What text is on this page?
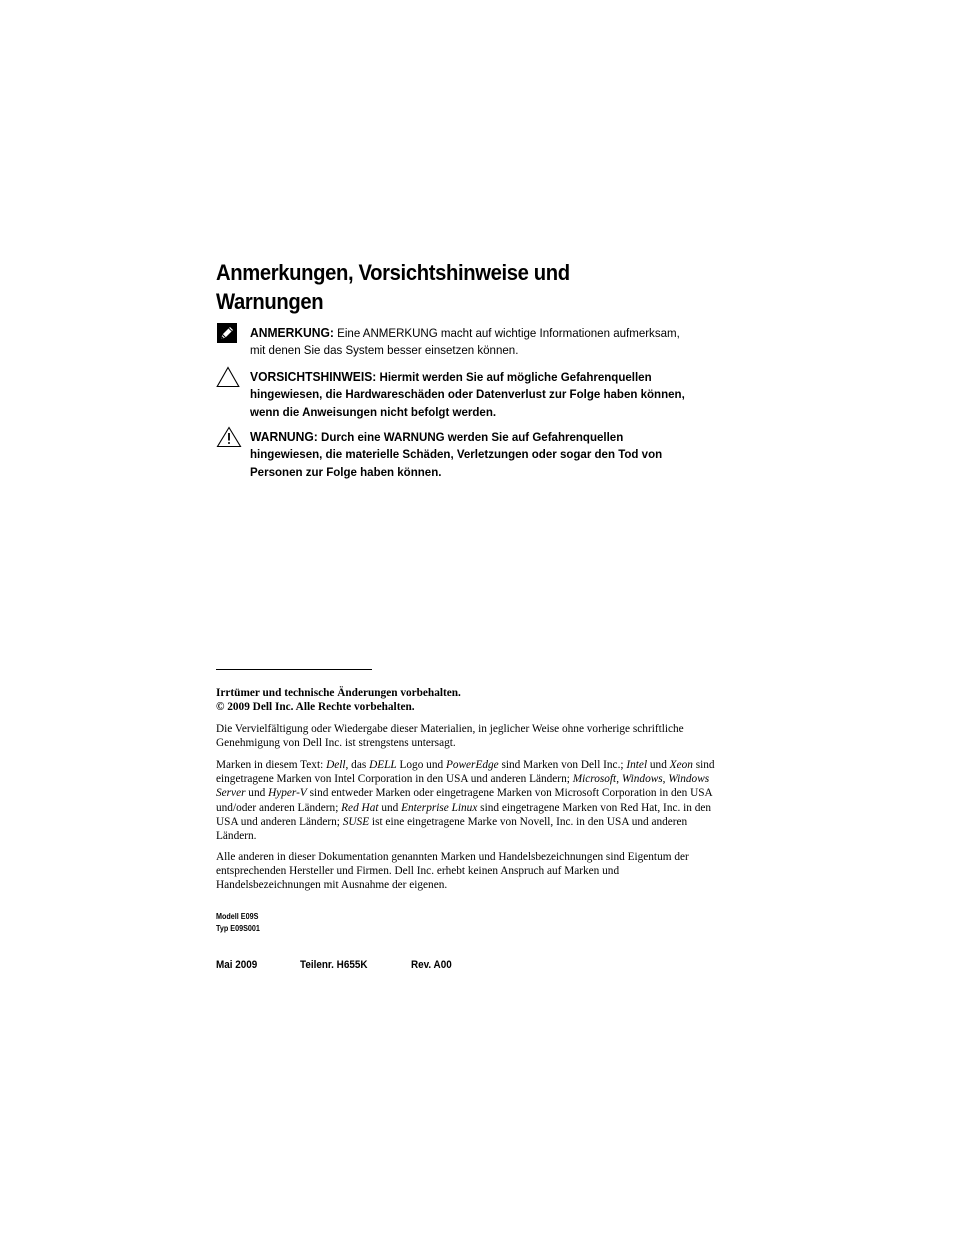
Anmerkungen, Vorsichtshinweise und
Warnungen
ANMERKUNG: Eine ANMERKUNG macht auf wichtige Informationen aufmerksam, mit denen Sie das System besser einsetzen können.
VORSICHTSHINWEIS: Hiermit werden Sie auf mögliche Gefahrenquellen hingewiesen, die Hardwareschäden oder Datenverlust zur Folge haben können, wenn die Anweisungen nicht befolgt werden.
WARNUNG: Durch eine WARNUNG werden Sie auf Gefahrenquellen hingewiesen, die materielle Schäden, Verletzungen oder sogar den Tod von Personen zur Folge haben können.

Irrtümer und technische Änderungen vorbehalten.
© 2009 Dell Inc. Alle Rechte vorbehalten.

Die Vervielfältigung oder Wiedergabe dieser Materialien, in jeglicher Weise ohne vorherige schriftliche Genehmigung von Dell Inc. ist strengstens untersagt.

Marken in diesem Text: Dell, das DELL Logo und PowerEdge sind Marken von Dell Inc.; Intel und Xeon sind eingetragene Marken von Intel Corporation in den USA und anderen Ländern; Microsoft, Windows, Windows Server und Hyper-V sind entweder Marken oder eingetragene Marken von Microsoft Corporation in den USA und/oder anderen Ländern; Red Hat und Enterprise Linux sind eingetragene Marken von Red Hat, Inc. in den USA und anderen Ländern; SUSE ist eine eingetragene Marke von Novell, Inc. in den USA und anderen Ländern.

Alle anderen in dieser Dokumentation genannten Marken und Handelsbezeichnungen sind Eigentum der entsprechenden Hersteller und Firmen. Dell Inc. erhebt keinen Anspruch auf Marken und Handelsbezeichnungen mit Ausnahme der eigenen.

Modell E09S
Typ E09S001
Mai 2009	Teilenr. H655K	Rev. A00
